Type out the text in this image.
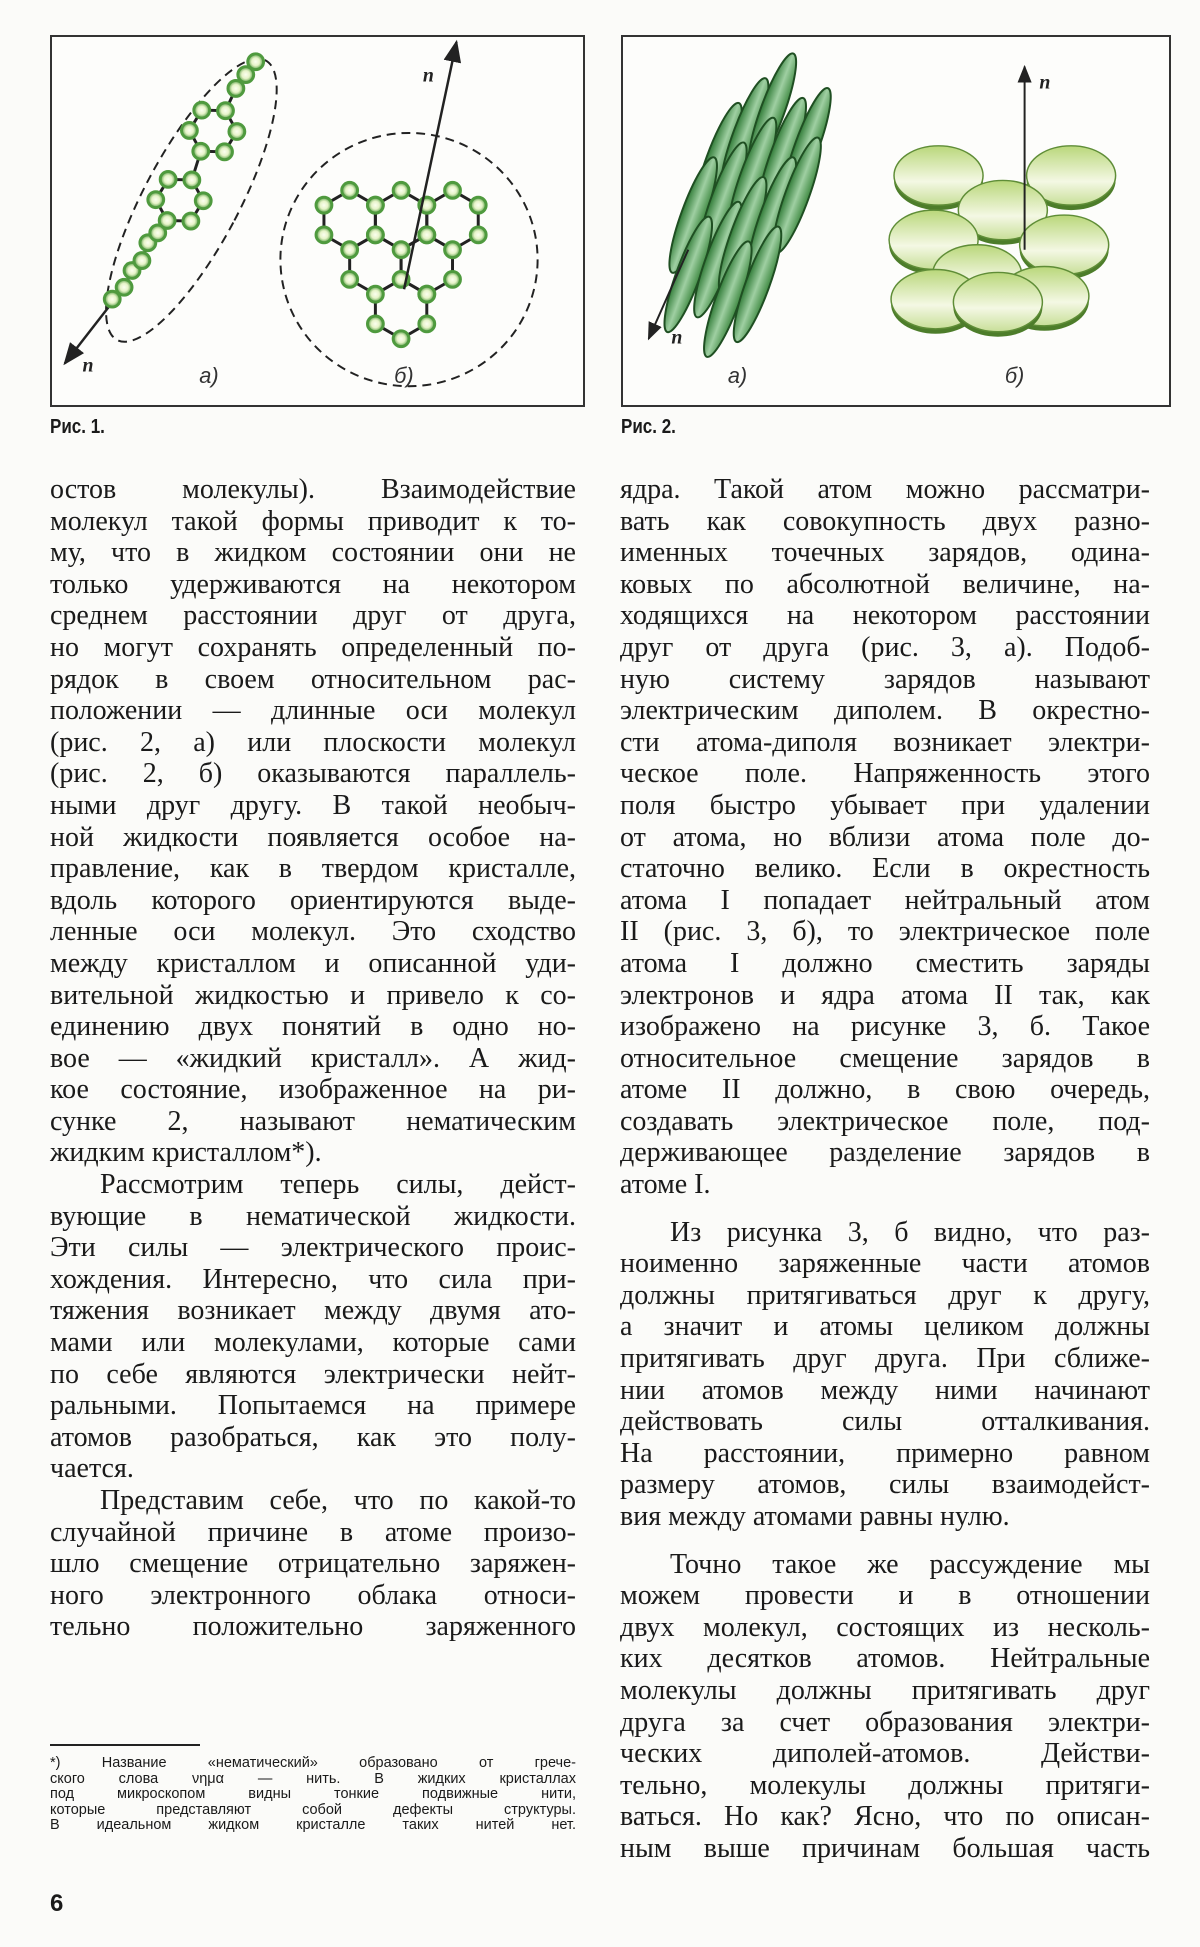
n
n
а)	б)
Рис. 1.
n
n
а)	б)
Рис. 2.
остов молекулы). Взаимодействие
молекул такой формы приводит к то-
му, что в жидком состоянии они не
только удерживаются на некотором
среднем расстоянии друг от друга,
но могут сохранять определенный по-
рядок в своем относительном рас-
положении — длинные оси молекул
(рис. 2, а) или плоскости молекул
(рис. 2, б) оказываются параллель-
ными друг другу. В такой необыч-
ной жидкости появляется особое на-
правление, как в твердом кристалле,
вдоль которого ориентируются выде-
ленные оси молекул. Это сходство
между кристаллом и описанной уди-
вительной жидкостью и привело к со-
единению двух понятий в одно но-
вое — «жидкий кристалл». А жид-
кое состояние, изображенное на ри-
сунке 2, называют нематическим
жидким кристаллом*).
Рассмотрим теперь силы, дейст-
вующие в нематической жидкости.
Эти силы — электрического проис-
хождения. Интересно, что сила при-
тяжения возникает между двумя ато-
мами или молекулами, которые сами
по себе являются электрически нейт-
ральными. Попытаемся на примере
атомов разобраться, как это полу-
чается.
Представим себе, что по какой-то
случайной причине в атоме произо-
шло смещение отрицательно заряжен-
ного электронного облака относи-
тельно положительно заряженного
ядра. Такой атом можно рассматри-
вать как совокупность двух разно-
именных точечных зарядов, одина-
ковых по абсолютной величине, на-
ходящихся на некотором расстоянии
друг от друга (рис. 3, а). Подоб-
ную систему зарядов называют
электрическим диполем. В окрестно-
сти атома-диполя возникает электри-
ческое поле. Напряженность этого
поля быстро убывает при удалении
от атома, но вблизи атома поле до-
статочно велико. Если в окрестность
атома I попадает нейтральный атом
II (рис. 3, б), то электрическое поле
атома I должно сместить заряды
электронов и ядра атома II так, как
изображено на рисунке 3, б. Такое
относительное смещение зарядов в
атоме II должно, в свою очередь,
создавать электрическое поле, под-
держивающее разделение зарядов в
атоме I.
Из рисунка 3, б видно, что раз-
ноименно заряженные части атомов
должны притягиваться друг к другу,
а значит и атомы целиком должны
притягивать друг друга. При сближе-
нии атомов между ними начинают
действовать силы отталкивания.
На расстоянии, примерно равном
размеру атомов, силы взаимодейст-
вия между атомами равны нулю.
Точно такое же рассуждение мы
можем провести и в отношении
двух молекул, состоящих из несколь-
ких десятков атомов. Нейтральные
молекулы должны притягивать друг
друга за счет образования электри-
ческих диполей-атомов. Действи-
тельно, молекулы должны притяги-
ваться. Но как? Ясно, что по описан-
ным выше причинам большая часть
*) Название «нематический» образовано от грече-
ского слова νημα — нить. В жидких кристаллах
под микроскопом видны тонкие подвижные нити,
которые представляют собой дефекты структуры.
В идеальном жидком кристалле таких нитей нет.
6
